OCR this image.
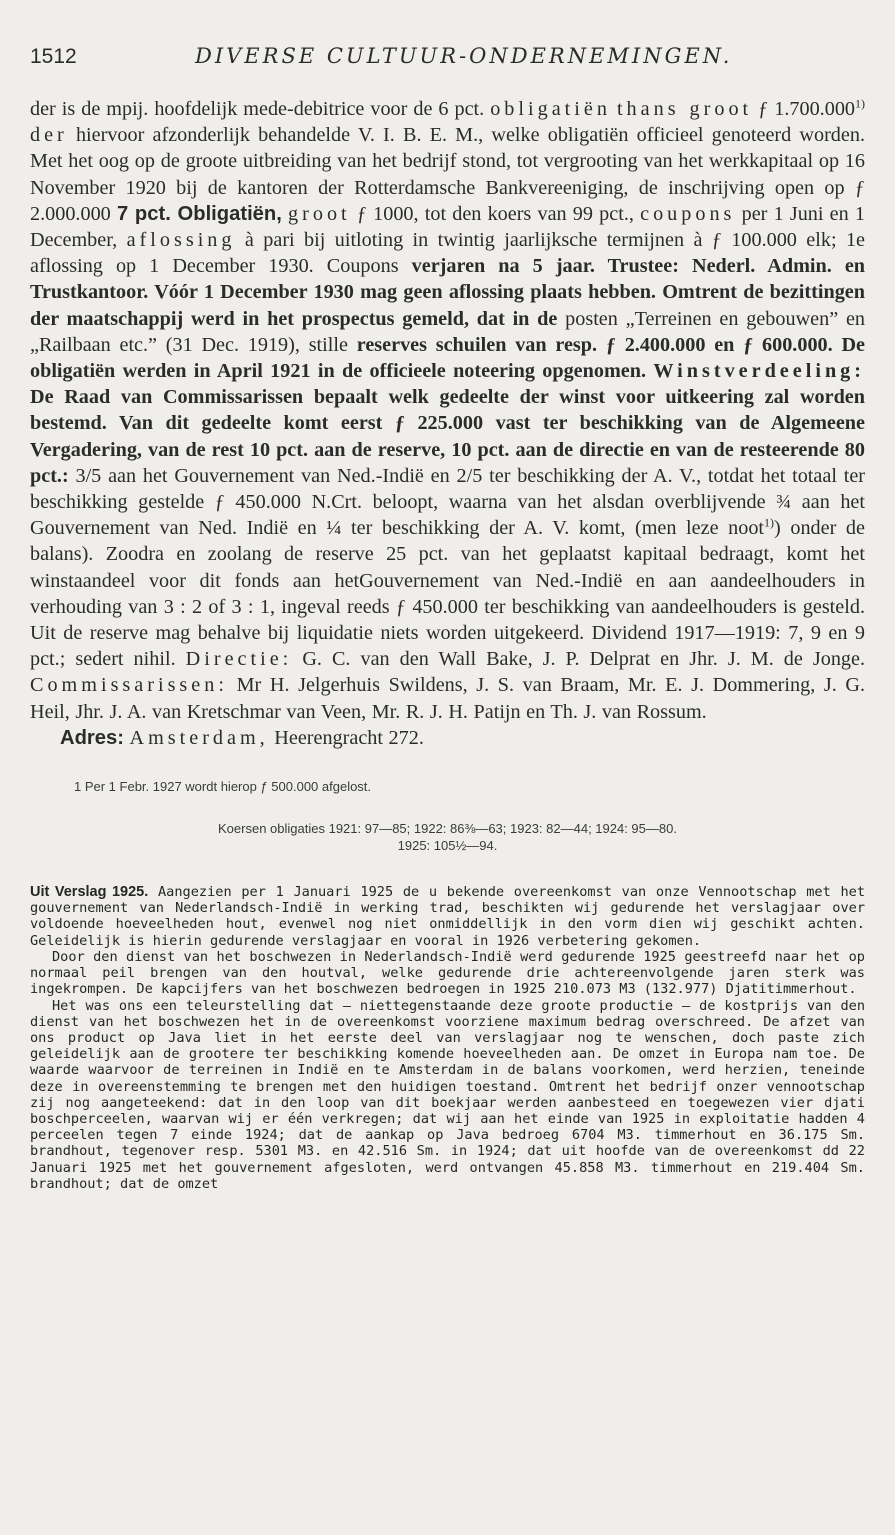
1512	DIVERSE CULTUUR-ONDERNEMINGEN.

der is de mpij. hoofdelijk mede-debitrice voor de 6 pct. obligatiën thans groot ƒ 1.700.000$^{1)}$ der hiervoor afzonderlijk behandelde V. I. B. E. M., welke obligatiën officieel genoteerd worden. Met het oog op de groote uitbreiding van het bedrijf stond, tot vergrooting van het werkkapitaal op 16 November 1920 bij de kantoren der Rotterdamsche Bankvereeniging, de inschrijving open op ƒ 2.000.000 7 pct. Obligatiën, groot ƒ 1000, tot den koers van 99 pct., coupons per 1 Juni en 1 December, aflossing à pari bij uitloting in twintig jaarlijksche termijnen à ƒ 100.000 elk; 1e aflossing op 1 December 1930. Coupons verjaren na 5 jaar. Trustee: Nederl. Admin. en Trustkantoor. Vóór 1 December 1930 mag geen aflossing plaats hebben. Omtrent de bezittingen der maatschappij werd in het prospectus gemeld, dat in de posten „Terreinen en gebouwen” en „Railbaan etc.” (31 Dec. 1919), stille reserves schuilen van resp. ƒ 2.400.000 en ƒ 600.000. De obligatiën werden in April 1921 in de officieele noteering opgenomen. Winstverdeeling: De Raad van Commissarissen bepaalt welk gedeelte der winst voor uitkeering zal worden bestemd. Van dit gedeelte komt eerst ƒ 225.000 vast ter beschikking van de Algemeene Vergadering, van de rest 10 pct. aan de reserve, 10 pct. aan de directie en van de resteerende 80 pct.: 3/5 aan het Gouvernement van Ned.-Indië en 2/5 ter beschikking der A. V., totdat het totaal ter beschikking gestelde ƒ 450.000 N.Crt. beloopt, waarna van het alsdan overblijvende ¾ aan het Gouvernement van Ned. Indië en ¼ ter beschikking der A. V. komt, (men leze noot$^{1)}$) onder de balans). Zoodra en zoolang de reserve 25 pct. van het geplaatst kapitaal bedraagt, komt het winstaandeel voor dit fonds aan hetGouvernement van Ned.-Indië en aan aandeelhouders in verhouding van 3 : 2 of 3 : 1, ingeval reeds ƒ 450.000 ter beschikking van aandeelhouders is gesteld. Uit de reserve mag behalve bij liquidatie niets worden uitgekeerd. Dividend 1917—1919: 7, 9 en 9 pct.; sedert nihil. Directie: G. C. van den Wall Bake, J. P. Delprat en Jhr. J. M. de Jonge. Commissarissen: Mr H. Jelgerhuis Swildens, J. S. van Braam, Mr. E. J. Dommering, J. G. Heil, Jhr. J. A. van Kretschmar van Veen, Mr. R. J. H. Patijn en Th. J. van Rossum.

Adres: Amsterdam, Heerengracht 272.

1 Per 1 Febr. 1927 wordt hierop ƒ 500.000 afgelost.
Koersen obligaties 1921: 97—85; 1922: 86⅜—63; 1923: 82—44; 1924: 95—80.
1925: 105½—94.

Uit Verslag 1925. Aangezien per 1 Januari 1925 de u bekende overeenkomst van onze Vennootschap met het gouvernement van Nederlandsch-Indië in werking trad, beschikten wij gedurende het verslagjaar over voldoende hoeveelheden hout, evenwel nog niet onmiddellijk in den vorm dien wij geschikt achten. Geleidelijk is hierin gedurende verslagjaar en vooral in 1926 verbetering gekomen.

Door den dienst van het boschwezen in Nederlandsch-Indië werd gedurende 1925 geestreefd naar het op normaal peil brengen van den houtval, welke gedurende drie achtereenvolgende jaren sterk was ingekrompen. De kapcijfers van het boschwezen bedroegen in 1925 210.073 M3 (132.977) Djatitimmerhout.

Het was ons een teleurstelling dat — niettegenstaande deze groote productie — de kostprijs van den dienst van het boschwezen het in de overeenkomst voorziene maximum bedrag overschreed. De afzet van ons product op Java liet in het eerste deel van verslagjaar nog te wenschen, doch paste zich geleidelijk aan de grootere ter beschikking komende hoeveelheden aan. De omzet in Europa nam toe. De waarde waarvoor de terreinen in Indië en te Amsterdam in de balans voorkomen, werd herzien, teneinde deze in overeenstemming te brengen met den huidigen toestand. Omtrent het bedrijf onzer vennootschap zij nog aangeteekend: dat in den loop van dit boekjaar werden aanbesteed en toegewezen vier djati boschperceelen, waarvan wij er één verkregen; dat wij aan het einde van 1925 in exploitatie hadden 4 perceelen tegen 7 einde 1924; dat de aankap op Java bedroeg 6704 M3. timmerhout en 36.175 Sm. brandhout, tegenover resp. 5301 M3. en 42.516 Sm. in 1924; dat uit hoofde van de overeenkomst dd 22 Januari 1925 met het gouvernement afgesloten, werd ontvangen 45.858 M3. timmerhout en 219.404 Sm. brandhout; dat de omzet
